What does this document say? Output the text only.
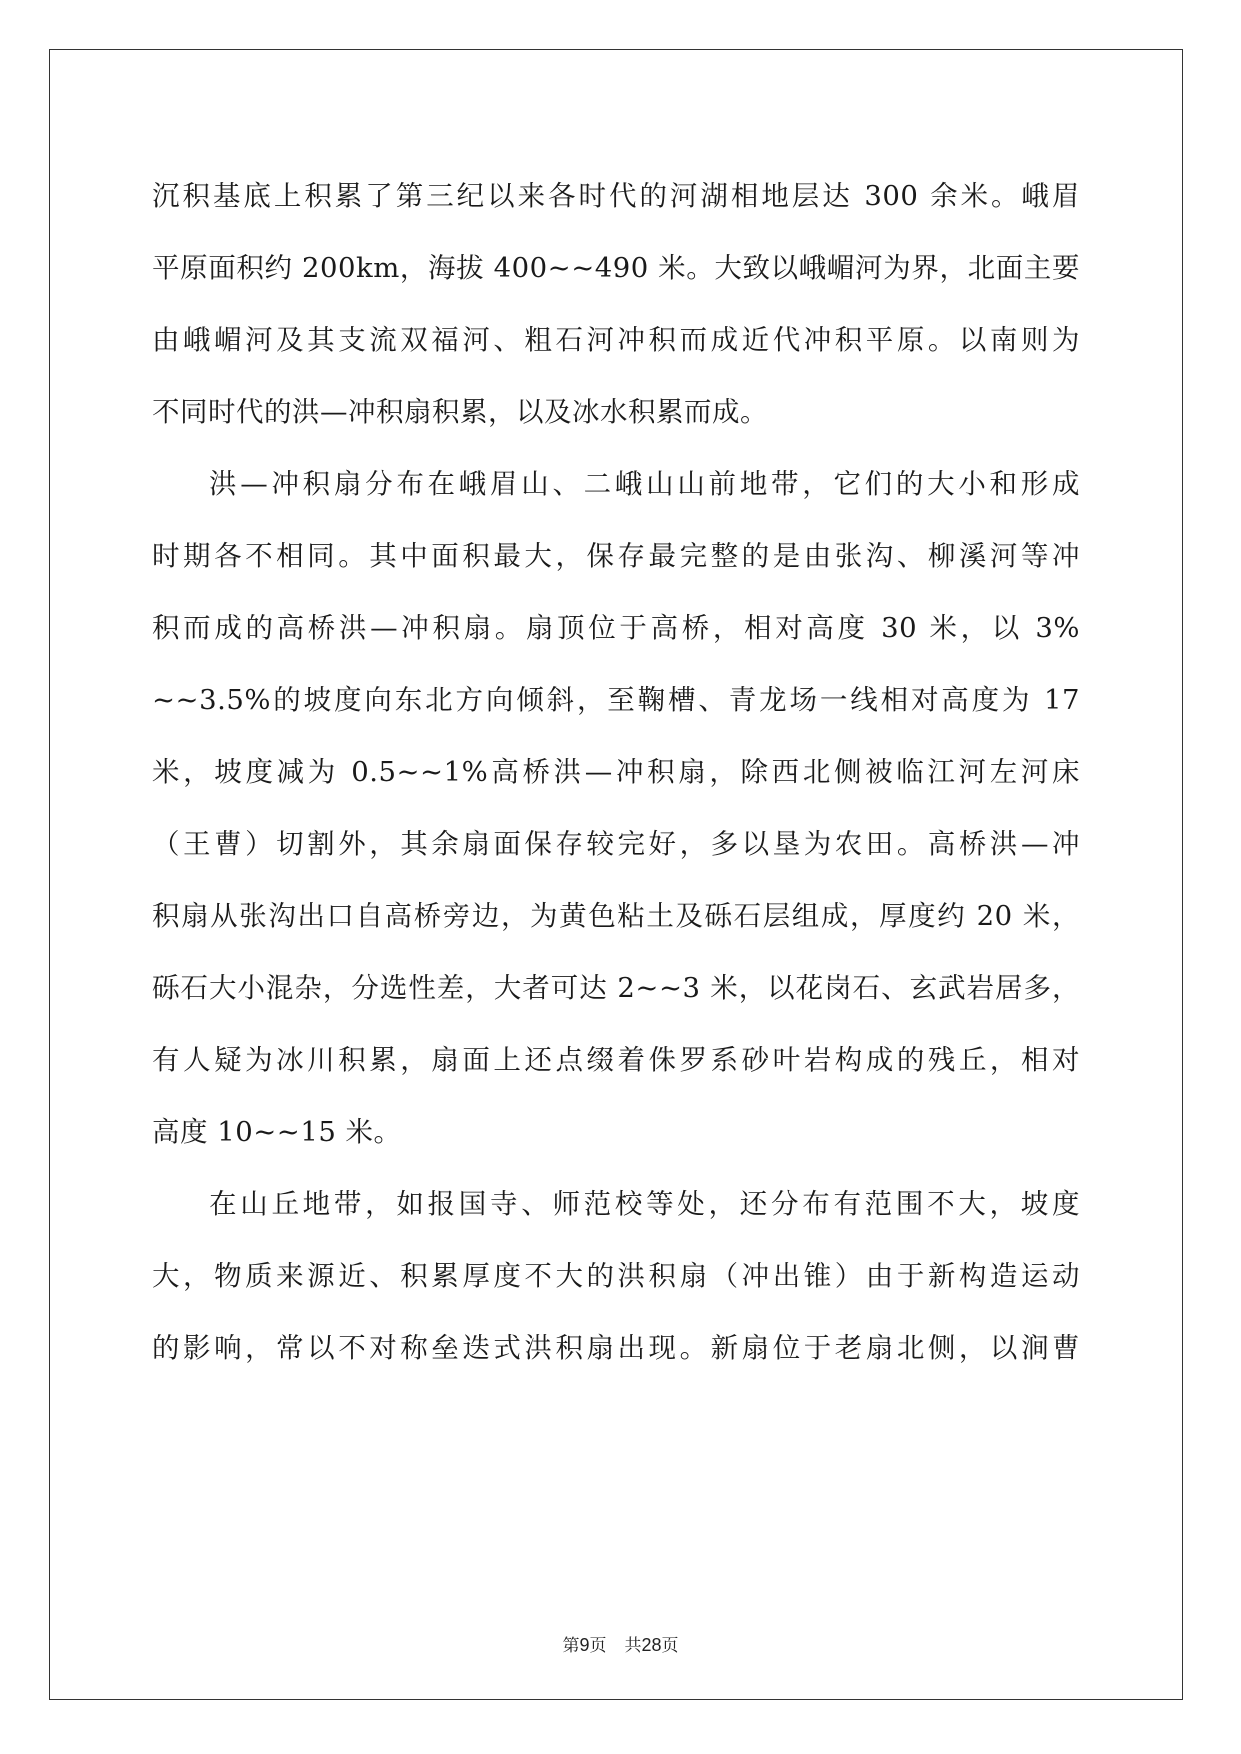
沉积基底上积累了第三纪以来各时代的河湖相地层达 300 余米。峨眉
平原面积约 200km，海拔 400~~490 米。大致以峨嵋河为界，北面主要
由峨嵋河及其支流双福河、粗石河冲积而成近代冲积平原。以南则为
不同时代的洪—冲积扇积累，以及冰水积累而成。
洪—冲积扇分布在峨眉山、二峨山山前地带，它们的大小和形成
时期各不相同。其中面积最大，保存最完整的是由张沟、柳溪河等冲
积而成的高桥洪—冲积扇。扇顶位于高桥，相对高度 30 米，以 3%
~~3.5%的坡度向东北方向倾斜，至鞠槽、青龙场一线相对高度为 17
米，坡度减为 0.5~~1%高桥洪—冲积扇，除西北侧被临江河左河床
（王曹）切割外，其余扇面保存较完好，多以垦为农田。高桥洪—冲
积扇从张沟出口自高桥旁边，为黄色粘土及砾石层组成，厚度约 20 米，
砾石大小混杂，分选性差，大者可达 2~~3 米，以花岗石、玄武岩居多，
有人疑为冰川积累，扇面上还点缀着侏罗系砂叶岩构成的残丘，相对
高度 10~~15 米。
在山丘地带，如报国寺、师范校等处，还分布有范围不大，坡度
大，物质来源近、积累厚度不大的洪积扇（冲出锥）由于新构造运动
的影响，常以不对称垒迭式洪积扇出现。新扇位于老扇北侧，以涧曹
第9页 共28页
